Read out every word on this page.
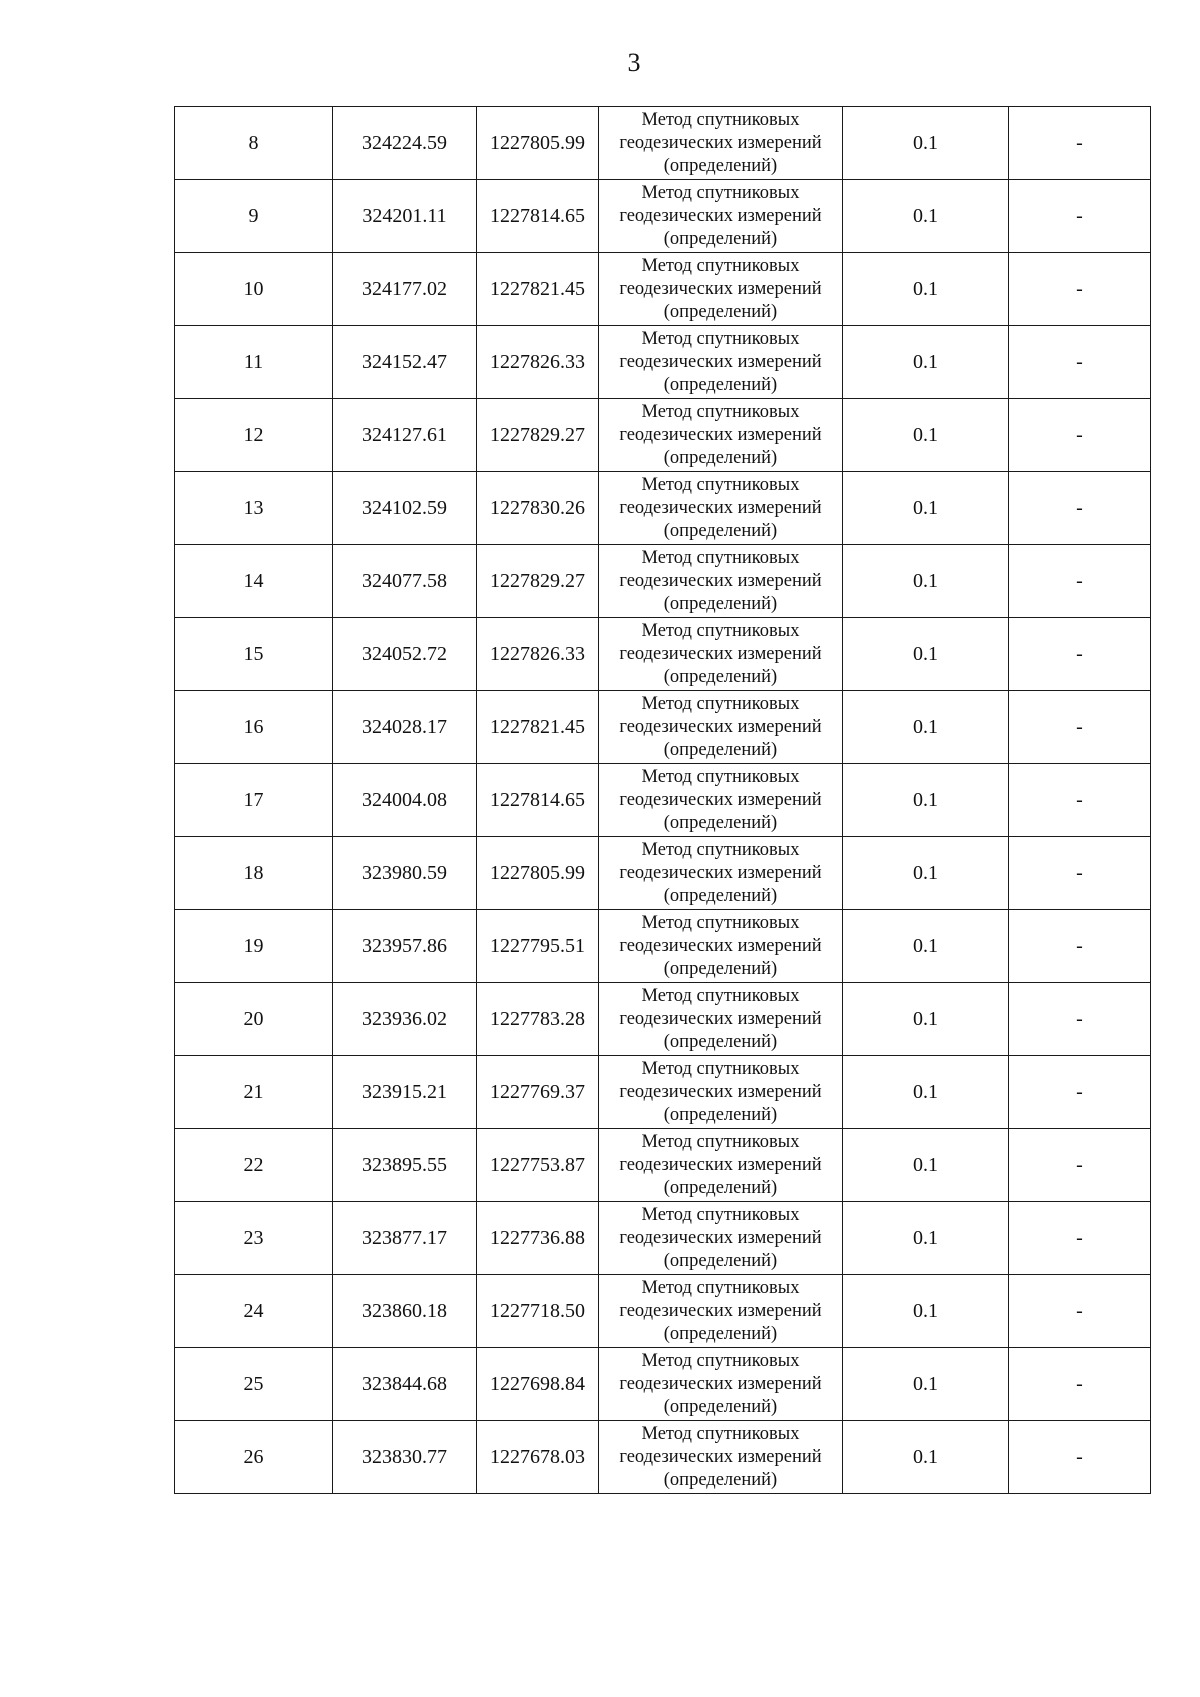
3
8	324224.59	1227805.99	Метод спутниковых
геодезических измерений
(определений)	0.1	-
9	324201.11	1227814.65	Метод спутниковых
геодезических измерений
(определений)	0.1	-
10	324177.02	1227821.45	Метод спутниковых
геодезических измерений
(определений)	0.1	-
11	324152.47	1227826.33	Метод спутниковых
геодезических измерений
(определений)	0.1	-
12	324127.61	1227829.27	Метод спутниковых
геодезических измерений
(определений)	0.1	-
13	324102.59	1227830.26	Метод спутниковых
геодезических измерений
(определений)	0.1	-
14	324077.58	1227829.27	Метод спутниковых
геодезических измерений
(определений)	0.1	-
15	324052.72	1227826.33	Метод спутниковых
геодезических измерений
(определений)	0.1	-
16	324028.17	1227821.45	Метод спутниковых
геодезических измерений
(определений)	0.1	-
17	324004.08	1227814.65	Метод спутниковых
геодезических измерений
(определений)	0.1	-
18	323980.59	1227805.99	Метод спутниковых
геодезических измерений
(определений)	0.1	-
19	323957.86	1227795.51	Метод спутниковых
геодезических измерений
(определений)	0.1	-
20	323936.02	1227783.28	Метод спутниковых
геодезических измерений
(определений)	0.1	-
21	323915.21	1227769.37	Метод спутниковых
геодезических измерений
(определений)	0.1	-
22	323895.55	1227753.87	Метод спутниковых
геодезических измерений
(определений)	0.1	-
23	323877.17	1227736.88	Метод спутниковых
геодезических измерений
(определений)	0.1	-
24	323860.18	1227718.50	Метод спутниковых
геодезических измерений
(определений)	0.1	-
25	323844.68	1227698.84	Метод спутниковых
геодезических измерений
(определений)	0.1	-
26	323830.77	1227678.03	Метод спутниковых
геодезических измерений
(определений)	0.1	-
